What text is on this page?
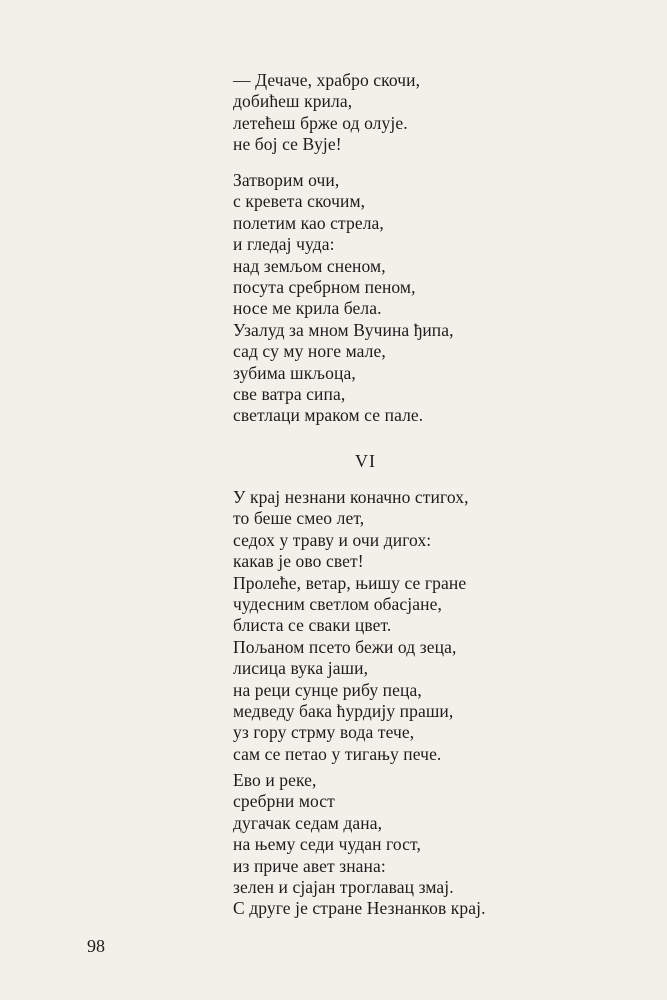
— Дечаче, храбро скочи,
добићеш крила,
летећеш брже од олује.
не бој се Вује!
Затворим очи,
с кревета скочим,
полетим као стрела,
и гледај чуда:
над земљом сненом,
посута сребрном пеном,
носе ме крила бела.
Узалуд за мном Вучина ђипа,
сад су му ноге мале,
зубима шкљоца,
све ватра сипа,
светлаци мраком се пале.
VI
У крај незнани коначно стигох,
то беше смео лет,
седох у траву и очи дигох:
какав је ово свет!
Пролеће, ветар, њишу се гране
чудесним светлом обасјане,
блиста се сваки цвет.
Пољаном псето бежи од зеца,
лисица вука јаши,
на реци сунце рибу пеца,
медведу бака ћурдију праши,
уз гору стрму вода тече,
сам се петао у тигању пече.
Ево и реке,
сребрни мост
дугачак седам дана,
на њему седи чудан гост,
из приче авет знана:
зелен и сјајан троглавац змај.
С друге је стране Незнанков крај.
98
